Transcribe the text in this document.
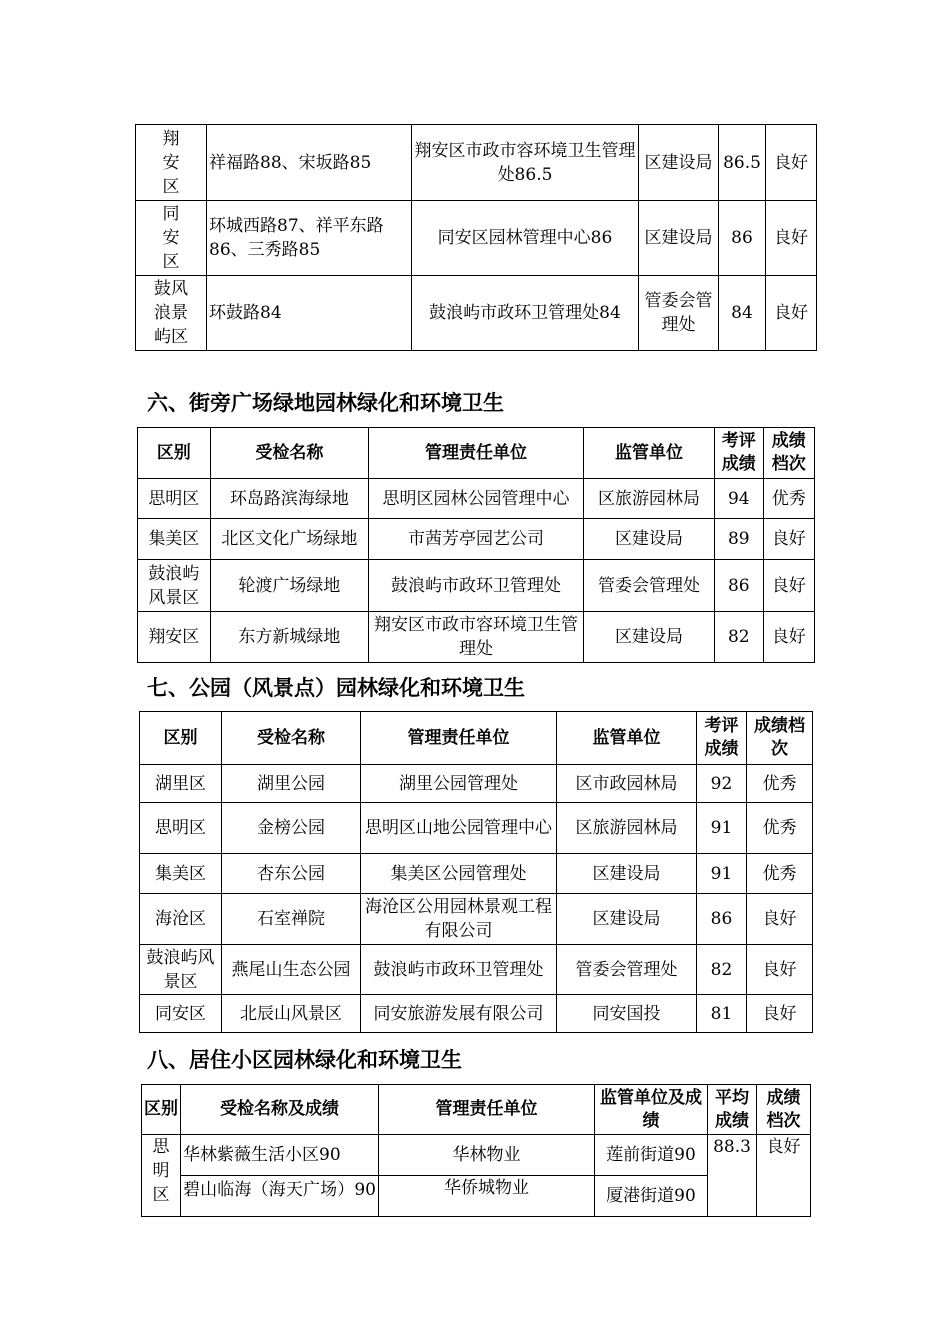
翔
安
区	祥福路88、宋坂路85	翔安区市政市容环境卫生管理处86.5	区建设局	86.5	良好

同
安
区	环城西路87、祥平东路86、三秀路85	同安区园林管理中心86	区建设局	86	良好

鼓风
浪景
屿区	环鼓路84	鼓浪屿市政环卫管理处84	管委会管理处	84	良好
六、街旁广场绿地园林绿化和环境卫生
区别	受检名称	管理责任单位	监管单位	考评成绩	成绩档次
思明区	环岛路滨海绿地	思明区园林公园管理中心	区旅游园林局	94	优秀
集美区	北区文化广场绿地	市茜芳亭园艺公司	区建设局	89	良好
鼓浪屿风景区	轮渡广场绿地	鼓浪屿市政环卫管理处	管委会管理处	86	良好
翔安区	东方新城绿地	翔安区市政市容环境卫生管理处	区建设局	82	良好
七、公园（风景点）园林绿化和环境卫生
区别	受检名称	管理责任单位	监管单位	考评成绩	成绩档次
湖里区	湖里公园	湖里公园管理处	区市政园林局	92	优秀
思明区	金榜公园	思明区山地公园管理中心	区旅游园林局	91	优秀
集美区	杏东公园	集美区公园管理处	区建设局	91	优秀
海沧区	石室禅院	海沧区公用园林景观工程有限公司	区建设局	86	良好
鼓浪屿风景区	燕尾山生态公园	鼓浪屿市政环卫管理处	管委会管理处	82	良好
同安区	北辰山风景区	同安旅游发展有限公司	同安国投	81	良好
八、居住小区园林绿化和环境卫生
区别	受检名称及成绩	管理责任单位	监管单位及成绩	平均成绩	成绩档次

思
明
区	华林紫薇生活小区90	华林物业	莲前街道90	88.3	良好

	碧山临海（海天广场）90	华侨城物业	厦港街道90		
